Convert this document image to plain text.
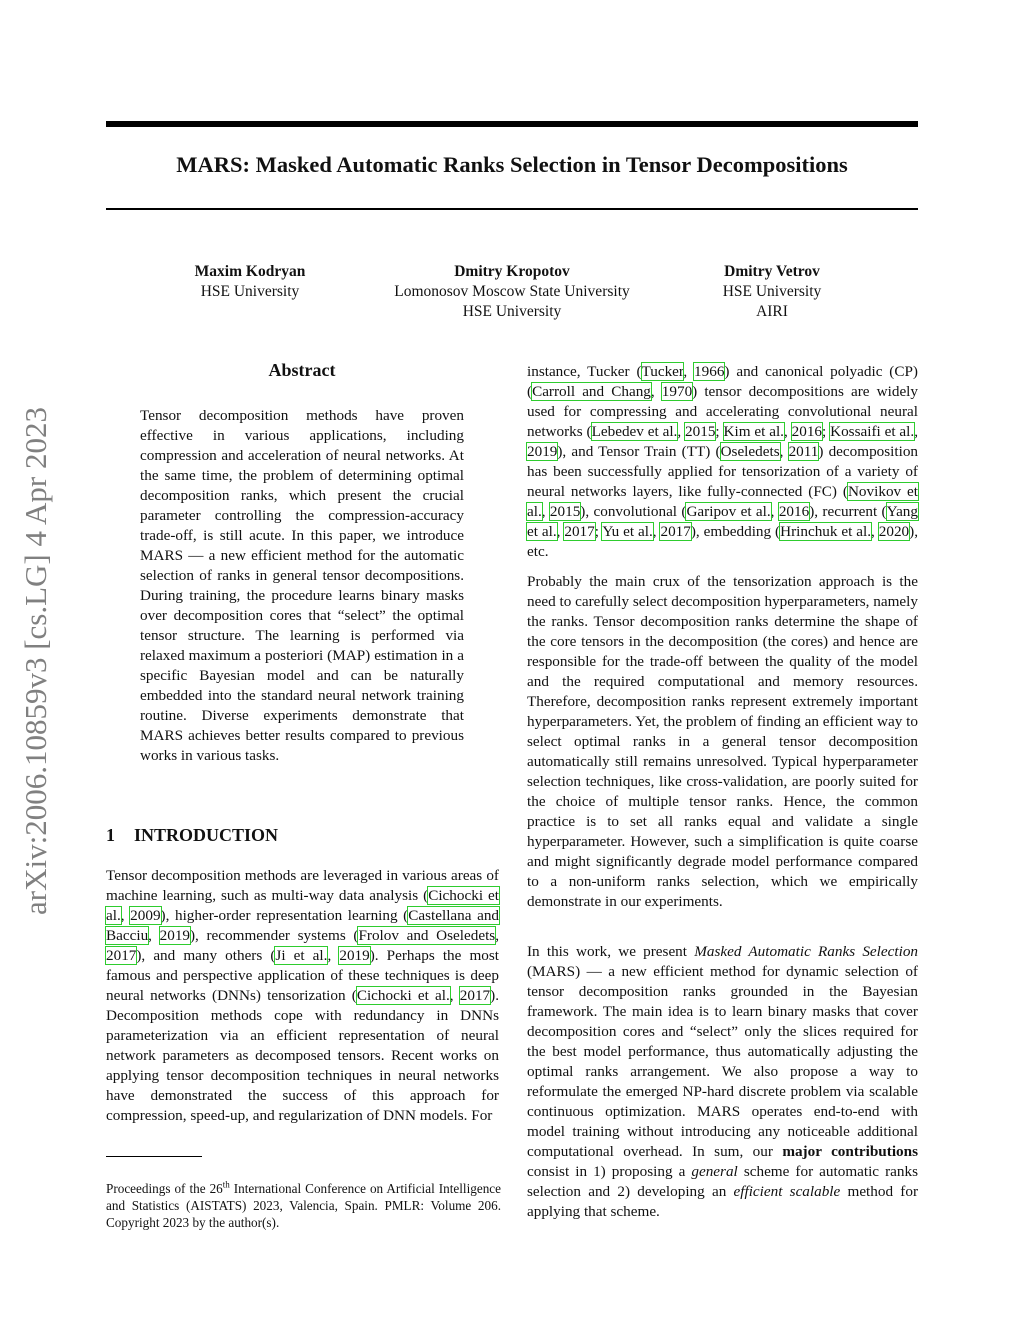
MARS: Masked Automatic Ranks Selection in Tensor Decompositions
Maxim Kodryan
HSE University
Dmitry Kropotov
Lomonosov Moscow State University
HSE University
Dmitry Vetrov
HSE University
AIRI
arXiv:2006.10859v3 [cs.LG] 4 Apr 2023
Abstract

Tensor decomposition methods have proven effective in various applications, including compression and acceleration of neural networks. At the same time, the problem of determining optimal decomposition ranks, which present the crucial parameter controlling the compression-accuracy trade-off, is still acute. In this paper, we introduce MARS — a new efficient method for the automatic selection of ranks in general tensor decompositions. During training, the procedure learns binary masks over decomposition cores that “select” the optimal tensor structure. The learning is performed via relaxed maximum a posteriori (MAP) estimation in a specific Bayesian model and can be naturally embedded into the standard neural network training routine. Diverse experiments demonstrate that MARS achieves better results compared to previous works in various tasks.

1 INTRODUCTION

Tensor decomposition methods are leveraged in various areas of machine learning, such as multi-way data analysis (Cichocki et al., 2009), higher-order representation learning (Castellana and Bacciu, 2019), recommender systems (Frolov and Oseledets, 2017), and many others (Ji et al., 2019). Perhaps the most famous and perspective application of these techniques is deep neural networks (DNNs) tensorization (Cichocki et al., 2017). Decomposition methods cope with redundancy in DNNs parameterization via an efficient representation of neural network parameters as decomposed tensors. Recent works on applying tensor decomposition techniques in neural networks have demonstrated the success of this approach for compression, speed-up, and regularization of DNN models. For

Proceedings of the 26th International Conference on Artificial Intelligence and Statistics (AISTATS) 2023, Valencia, Spain. PMLR: Volume 206. Copyright 2023 by the author(s).

instance, Tucker (Tucker, 1966) and canonical polyadic (CP) (Carroll and Chang, 1970) tensor decompositions are widely used for compressing and accelerating convolutional neural networks (Lebedev et al., 2015; Kim et al., 2016; Kossaifi et al., 2019), and Tensor Train (TT) (Oseledets, 2011) decomposition has been successfully applied for tensorization of a variety of neural networks layers, like fully-connected (FC) (Novikov et al., 2015), convolutional (Garipov et al., 2016), recurrent (Yang et al., 2017; Yu et al., 2017), embedding (Hrinchuk et al., 2020), etc.

Probably the main crux of the tensorization approach is the need to carefully select decomposition hyperparameters, namely the ranks. Tensor decomposition ranks determine the shape of the core tensors in the decomposition (the cores) and hence are responsible for the trade-off between the quality of the model and the required computational and memory resources. Therefore, decomposition ranks represent extremely important hyperparameters. Yet, the problem of finding an efficient way to select optimal ranks in a general tensor decomposition automatically still remains unresolved. Typical hyperparameter selection techniques, like cross-validation, are poorly suited for the choice of multiple tensor ranks. Hence, the common practice is to set all ranks equal and validate a single hyperparameter. However, such a simplification is quite coarse and might significantly degrade model performance compared to a non-uniform ranks selection, which we empirically demonstrate in our experiments.

In this work, we present Masked Automatic Ranks Selection (MARS) — a new efficient method for dynamic selection of tensor decomposition ranks grounded in the Bayesian framework. The main idea is to learn binary masks that cover decomposition cores and “select” only the slices required for the best model performance, thus automatically adjusting the optimal ranks arrangement. We also propose a way to reformulate the emerged NP-hard discrete problem via scalable continuous optimization. MARS operates end-to-end with model training without introducing any noticeable additional computational overhead. In sum, our major contributions consist in 1) proposing a general scheme for automatic ranks selection and 2) developing an efficient scalable method for applying that scheme.
